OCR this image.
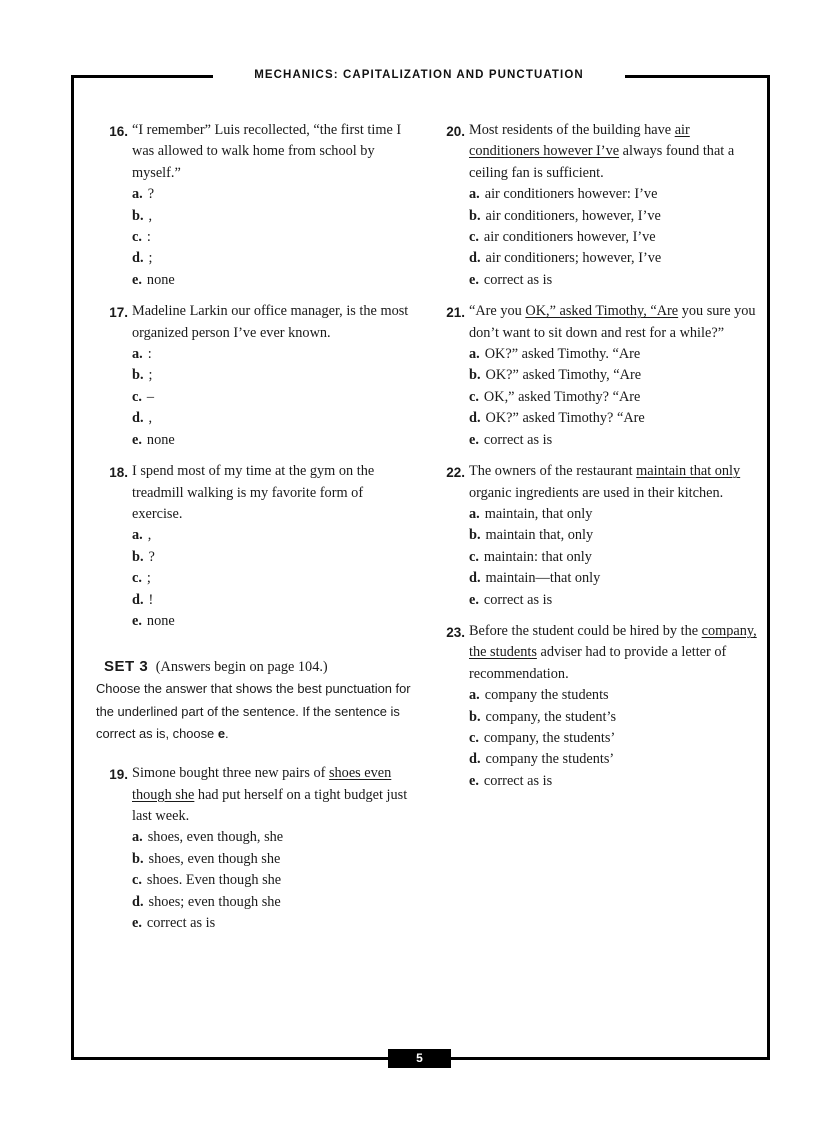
MECHANICS: CAPITALIZATION AND PUNCTUATION
16. “I remember” Luis recollected, “the first time I was allowed to walk home from school by myself.”
a. ?
b. ,
c. :
d. ;
e. none
17. Madeline Larkin our office manager, is the most organized person I’ve ever known.
a. :
b. ;
c. –
d. ,
e. none
18. I spend most of my time at the gym on the treadmill walking is my favorite form of exercise.
a. ,
b. ?
c. ;
d. !
e. none
SET 3 (Answers begin on page 104.)
Choose the answer that shows the best punctuation for the underlined part of the sentence. If the sentence is correct as is, choose e.
19. Simone bought three new pairs of shoes even though she had put herself on a tight budget just last week.
a. shoes, even though, she
b. shoes, even though she
c. shoes. Even though she
d. shoes; even though she
e. correct as is
20. Most residents of the building have air conditioners however I’ve always found that a ceiling fan is sufficient.
a. air conditioners however: I’ve
b. air conditioners, however, I’ve
c. air conditioners however, I’ve
d. air conditioners; however, I’ve
e. correct as is
21. “Are you OK,” asked Timothy, “Are you sure you don’t want to sit down and rest for a while?”
a. OK?” asked Timothy. “Are
b. OK?” asked Timothy, “Are
c. OK,” asked Timothy? “Are
d. OK?” asked Timothy? “Are
e. correct as is
22. The owners of the restaurant maintain that only organic ingredients are used in their kitchen.
a. maintain, that only
b. maintain that, only
c. maintain: that only
d. maintain—that only
e. correct as is
23. Before the student could be hired by the company, the students adviser had to provide a letter of recommendation.
a. company the students
b. company, the student’s
c. company, the students’
d. company the students’
e. correct as is
5
